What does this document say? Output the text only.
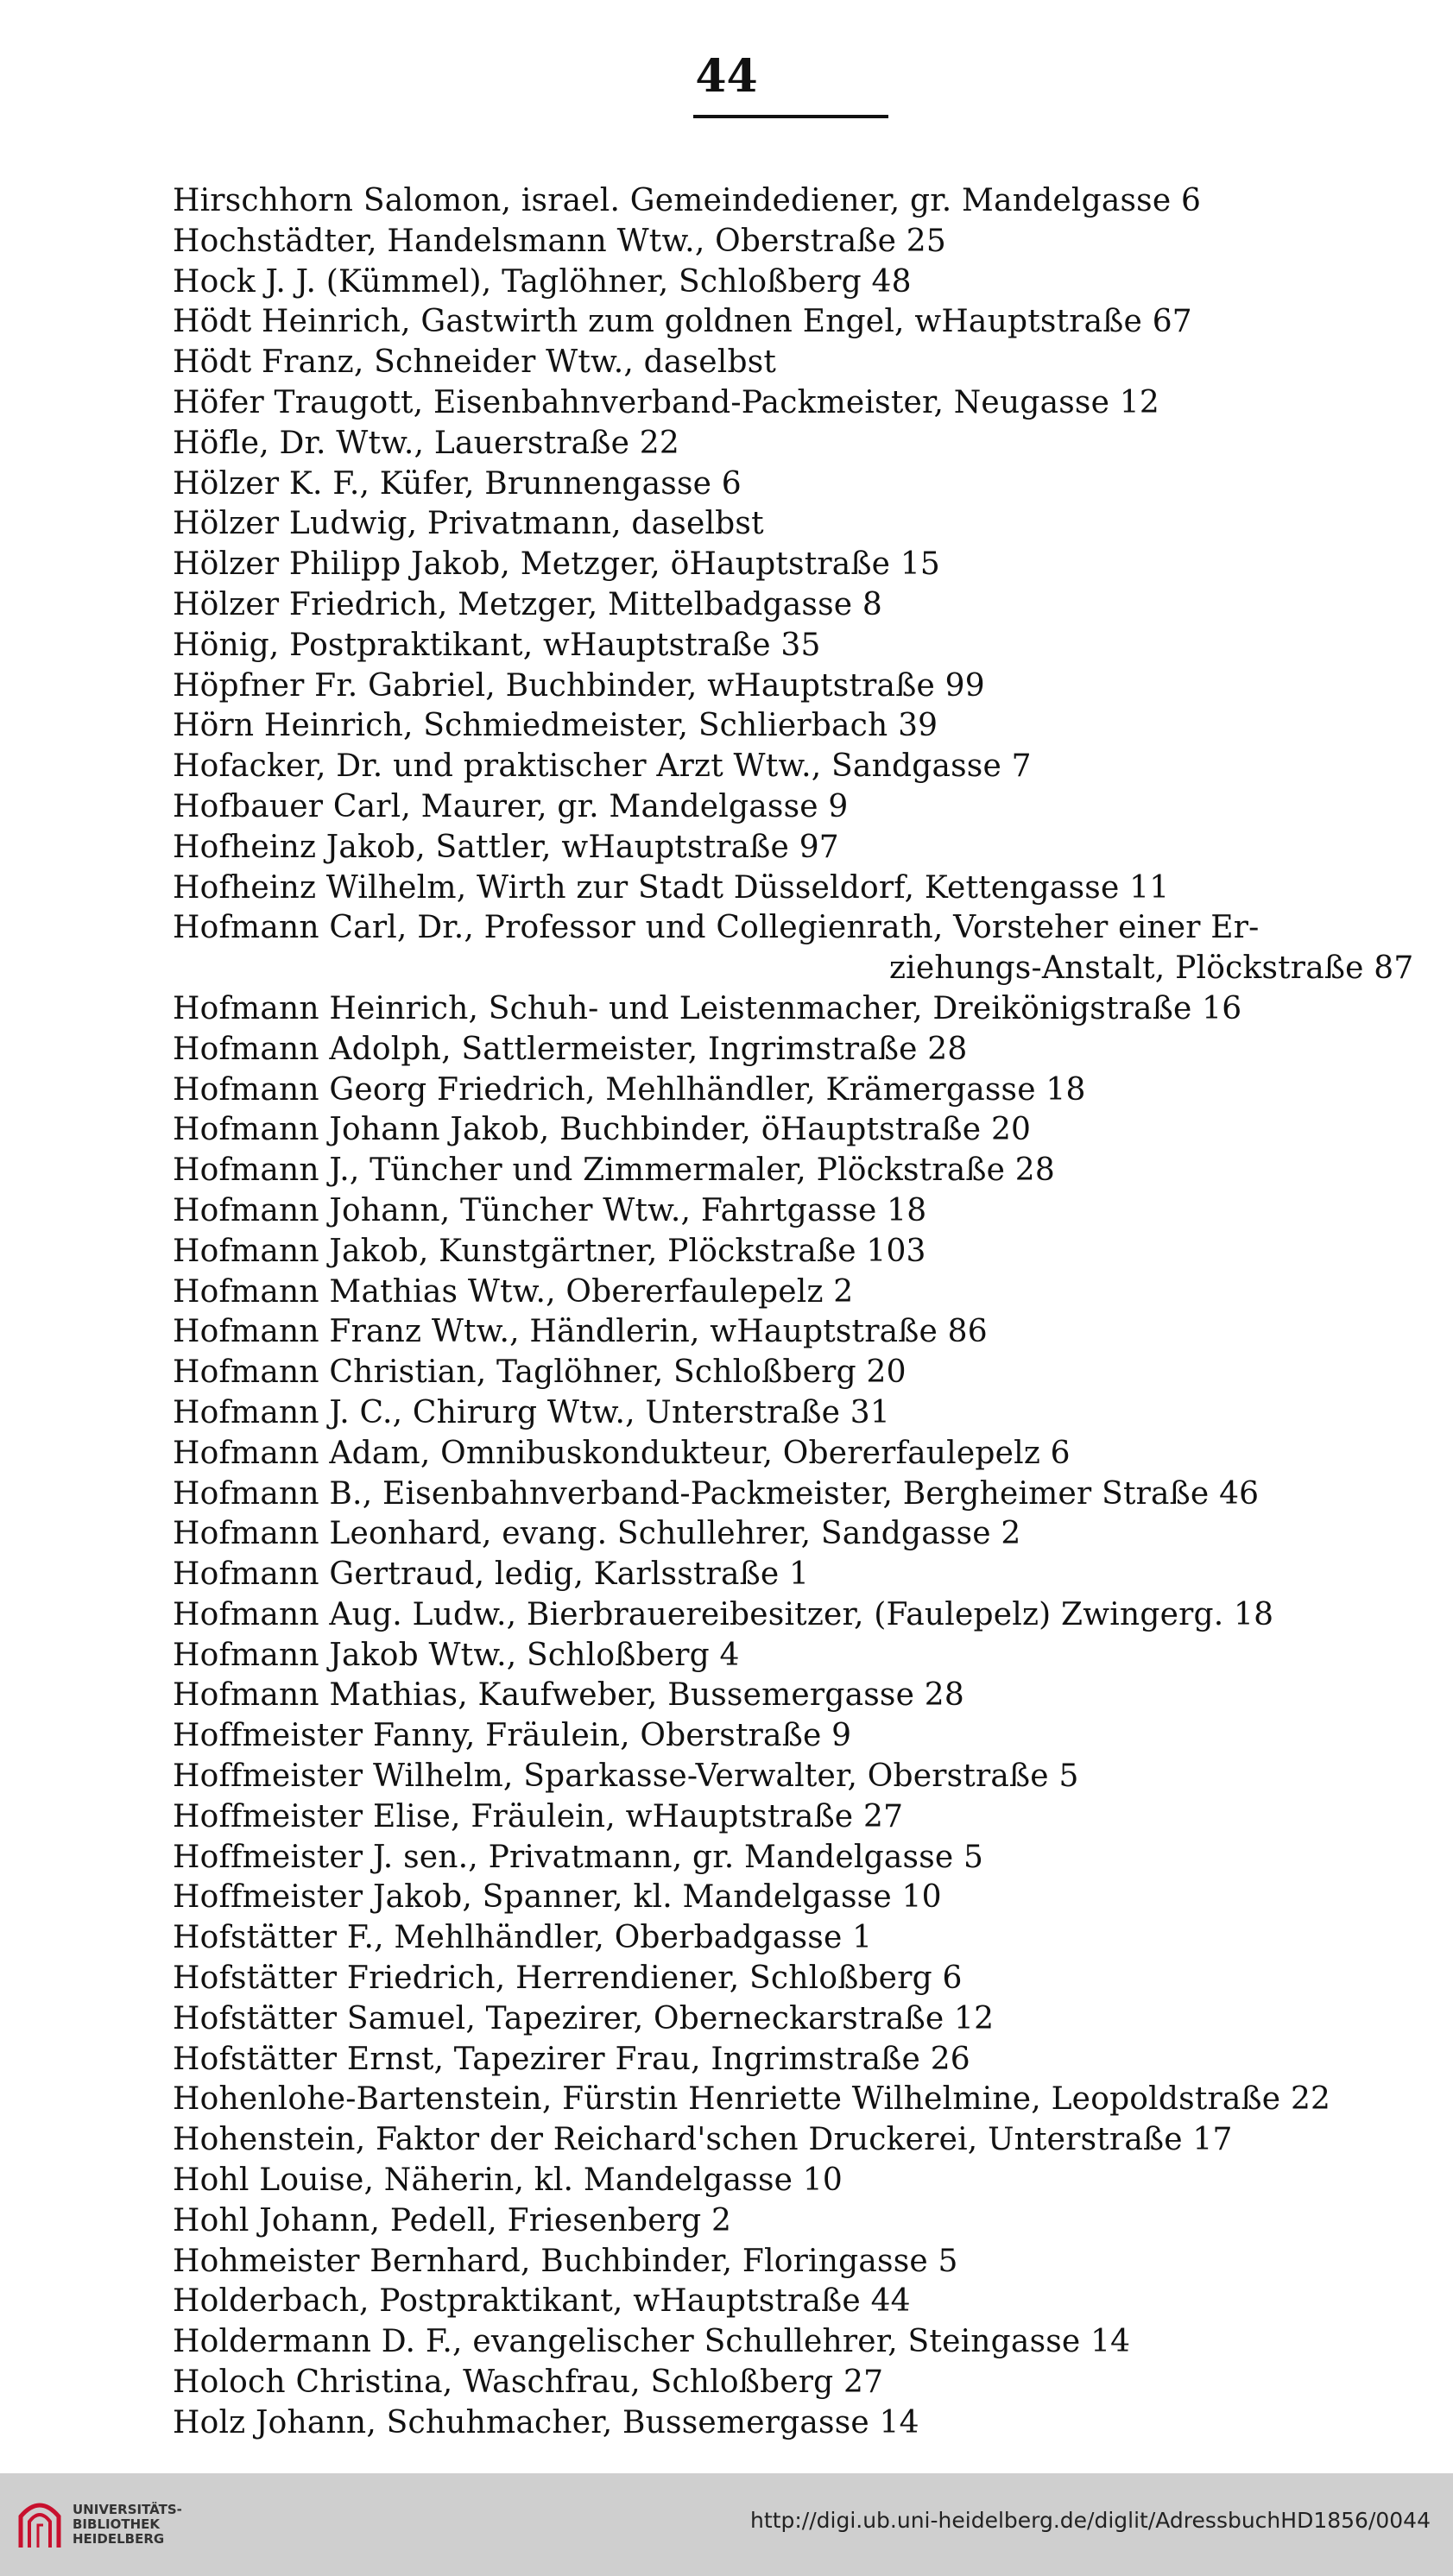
44
Hirschhorn Salomon, israel. Gemeindediener, gr. Mandelgasse 6
Hochstädter, Handelsmann Wtw., Oberstraße 25
Hock J. J. (Kümmel), Taglöhner, Schloßberg 48
Hödt Heinrich, Gastwirth zum goldnen Engel, wHauptstraße 67
Hödt Franz, Schneider Wtw., daselbst
Höfer Traugott, Eisenbahnverband-Packmeister, Neugasse 12
Höfle, Dr. Wtw., Lauerstraße 22
Hölzer K. F., Küfer, Brunnengasse 6
Hölzer Ludwig, Privatmann, daselbst
Hölzer Philipp Jakob, Metzger, öHauptstraße 15
Hölzer Friedrich, Metzger, Mittelbadgasse 8
Hönig, Postpraktikant, wHauptstraße 35
Höpfner Fr. Gabriel, Buchbinder, wHauptstraße 99
Hörn Heinrich, Schmiedmeister, Schlierbach 39
Hofacker, Dr. und praktischer Arzt Wtw., Sandgasse 7
Hofbauer Carl, Maurer, gr. Mandelgasse 9
Hofheinz Jakob, Sattler, wHauptstraße 97
Hofheinz Wilhelm, Wirth zur Stadt Düsseldorf, Kettengasse 11
Hofmann Carl, Dr., Professor und Collegienrath, Vorsteher einer Er-
ziehungs-Anstalt, Plöckstraße 87
Hofmann Heinrich, Schuh- und Leistenmacher, Dreikönigstraße 16
Hofmann Adolph, Sattlermeister, Ingrimstraße 28
Hofmann Georg Friedrich, Mehlhändler, Krämergasse 18
Hofmann Johann Jakob, Buchbinder, öHauptstraße 20
Hofmann J., Tüncher und Zimmermaler, Plöckstraße 28
Hofmann Johann, Tüncher Wtw., Fahrtgasse 18
Hofmann Jakob, Kunstgärtner, Plöckstraße 103
Hofmann Mathias Wtw., Obererfaulepelz 2
Hofmann Franz Wtw., Händlerin, wHauptstraße 86
Hofmann Christian, Taglöhner, Schloßberg 20
Hofmann J. C., Chirurg Wtw., Unterstraße 31
Hofmann Adam, Omnibuskondukteur, Obererfaulepelz 6
Hofmann B., Eisenbahnverband-Packmeister, Bergheimer Straße 46
Hofmann Leonhard, evang. Schullehrer, Sandgasse 2
Hofmann Gertraud, ledig, Karlsstraße 1
Hofmann Aug. Ludw., Bierbrauereibesitzer, (Faulepelz) Zwingerg. 18
Hofmann Jakob Wtw., Schloßberg 4
Hofmann Mathias, Kaufweber, Bussemergasse 28
Hoffmeister Fanny, Fräulein, Oberstraße 9
Hoffmeister Wilhelm, Sparkasse-Verwalter, Oberstraße 5
Hoffmeister Elise, Fräulein, wHauptstraße 27
Hoffmeister J. sen., Privatmann, gr. Mandelgasse 5
Hoffmeister Jakob, Spanner, kl. Mandelgasse 10
Hofstätter F., Mehlhändler, Oberbadgasse 1
Hofstätter Friedrich, Herrendiener, Schloßberg 6
Hofstätter Samuel, Tapezirer, Oberneckarstraße 12
Hofstätter Ernst, Tapezirer Frau, Ingrimstraße 26
Hohenlohe-Bartenstein, Fürstin Henriette Wilhelmine, Leopoldstraße 22
Hohenstein, Faktor der Reichard'schen Druckerei, Unterstraße 17
Hohl Louise, Näherin, kl. Mandelgasse 10
Hohl Johann, Pedell, Friesenberg 2
Hohmeister Bernhard, Buchbinder, Floringasse 5
Holderbach, Postpraktikant, wHauptstraße 44
Holdermann D. F., evangelischer Schullehrer, Steingasse 14
Holoch Christina, Waschfrau, Schloßberg 27
Holz Johann, Schuhmacher, Bussemergasse 14
UNIVERSITÄTS-
BIBLIOTHEK
HEIDELBERG
http://digi.ub.uni-heidelberg.de/diglit/AdressbuchHD1856/0044
